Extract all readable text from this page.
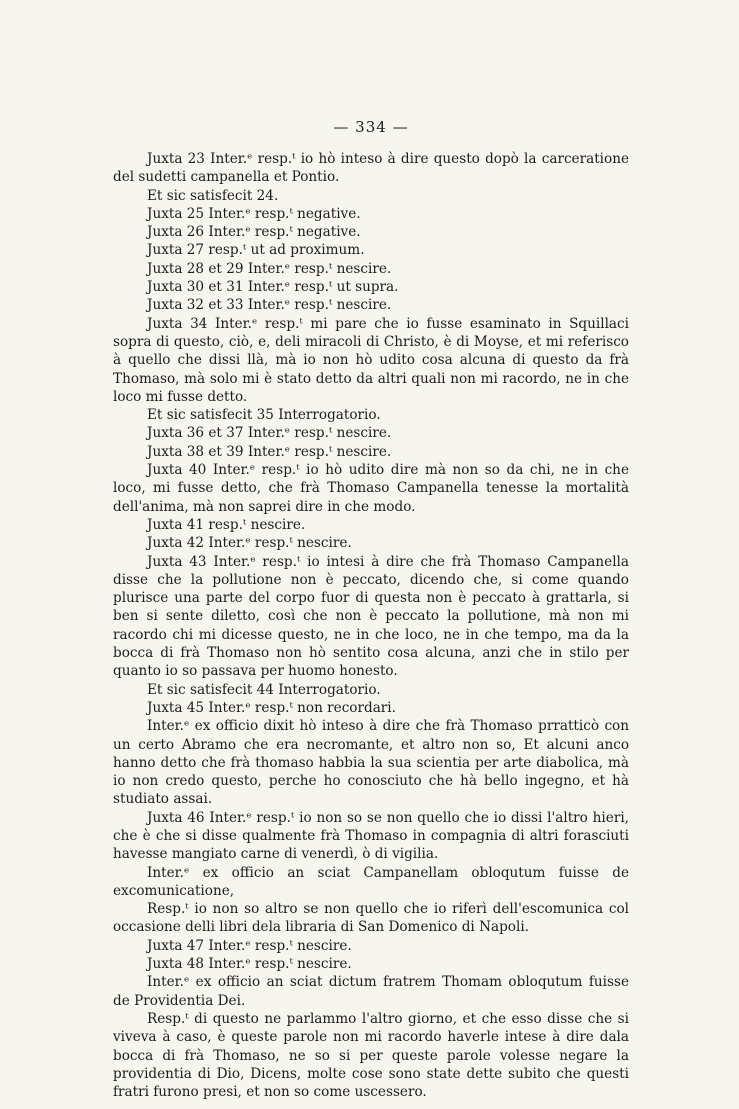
— 334 —

Juxta 23 Inter.ᵉ resp.ᵗ io hò inteso à dire questo dopò la carceratione del sudetti campanella et Pontio.

Et sic satisfecit 24.

Juxta 25 Inter.ᵉ resp.ᵗ negative.

Juxta 26 Inter.ᵉ resp.ᵗ negative.

Juxta 27 resp.ᵗ ut ad proximum.

Juxta 28 et 29 Inter.ᵉ resp.ᵗ nescire.

Juxta 30 et 31 Inter.ᵉ resp.ᵗ ut supra.

Juxta 32 et 33 Inter.ᵉ resp.ᵗ nescire.

Juxta 34 Inter.ᵉ resp.ᵗ mi pare che io fusse esaminato in Squillaci sopra di questo, ciò, e, deli miracoli di Christo, è di Moyse, et mi referisco à quello che dissi llà, mà io non hò udito cosa alcuna di questo da frà Thomaso, mà solo mi è stato detto da altri quali non mi racordo, ne in che loco mi fusse detto.

Et sic satisfecit 35 Interrogatorio.

Juxta 36 et 37 Inter.ᵉ resp.ᵗ nescire.

Juxta 38 et 39 Inter.ᵉ resp.ᵗ nescire.

Juxta 40 Inter.ᵉ resp.ᵗ io hò udito dire mà non so da chi, ne in che loco, mi fusse detto, che frà Thomaso Campanella tenesse la mortalità dell'anima, mà non saprei dire in che modo.

Juxta 41 resp.ᵗ nescire.

Juxta 42 Inter.ᵉ resp.ᵗ nescire.

Juxta 43 Inter.ᵉ resp.ᵗ io intesi à dire che frà Thomaso Campanella disse che la pollutione non è peccato, dicendo che, si come quando plurisce una parte del corpo fuor di questa non è peccato à grattarla, si ben si sente diletto, così che non è peccato la pollutione, mà non mi racordo chi mi dicesse questo, ne in che loco, ne in che tempo, ma da la bocca di frà Thomaso non hò sentito cosa alcuna, anzi che in stilo per quanto io so passava per huomo honesto.

Et sic satisfecit 44 Interrogatorio.

Juxta 45 Inter.ᵉ resp.ᵗ non recordari.

Inter.ᵉ ex officio dixit hò inteso à dire che frà Thomaso prratticò con un certo Abramo che era necromante, et altro non so, Et alcuni anco hanno detto che frà thomaso habbia la sua scientia per arte diabolica, mà io non credo questo, perche ho conosciuto che hà bello ingegno, et hà studiato assai.

Juxta 46 Inter.ᵉ resp.ᵗ io non so se non quello che io dissi l'altro hieri, che è che si disse qualmente frà Thomaso in compagnia di altri forasciuti havesse mangiato carne di venerdì, ò di vigilia.

Inter.ᵉ ex officio an sciat Campanellam obloqutum fuisse de excomunicatione,

Resp.ᵗ io non so altro se non quello che io riferì dell'escomunica col occasione delli libri dela libraria di San Domenico di Napoli.

Juxta 47 Inter.ᵉ resp.ᵗ nescire.

Juxta 48 Inter.ᵉ resp.ᵗ nescire.

Inter.ᵉ ex officio an sciat dictum fratrem Thomam obloqutum fuisse de Providentia Dei.

Resp.ᵗ di questo ne parlammo l'altro giorno, et che esso disse che si viveva à caso, è queste parole non mi racordo haverle intese à dire dala bocca di frà Thomaso, ne so si per queste parole volesse negare la providentia di Dio, Dicens, molte cose sono state dette subito che questi fratri furono presi, et non so come uscessero.
